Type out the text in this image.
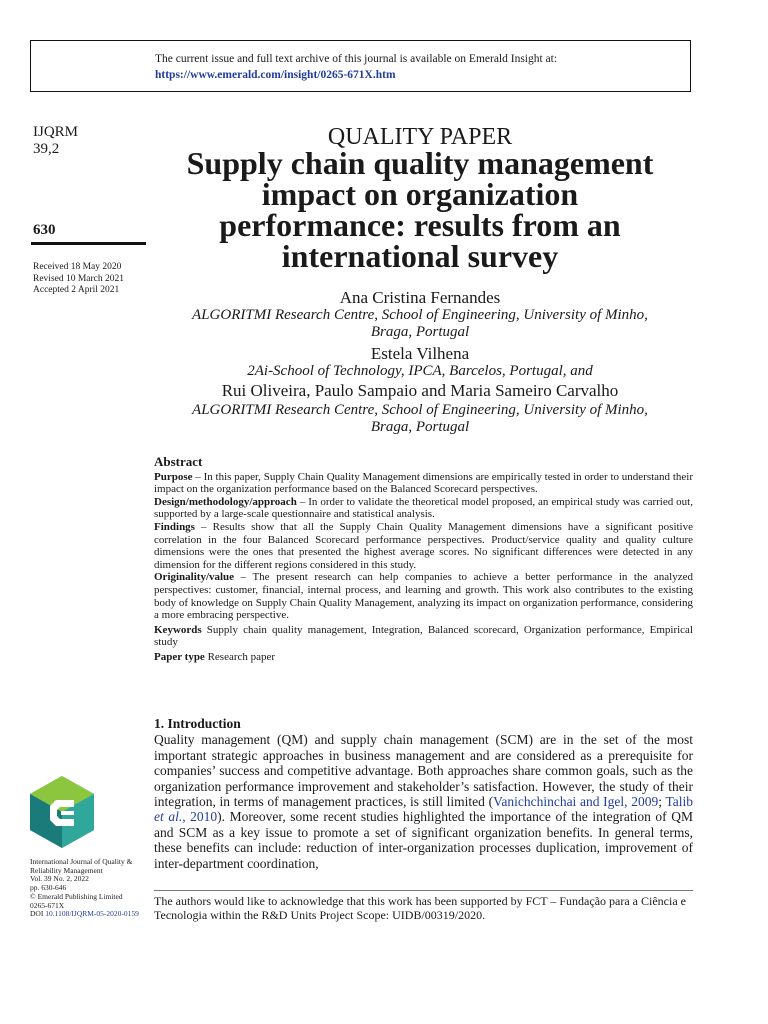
The current issue and full text archive of this journal is available on Emerald Insight at:
https://www.emerald.com/insight/0265-671X.htm
IJQRM
39,2
630
Received 18 May 2020
Revised 10 March 2021
Accepted 2 April 2021
QUALITY PAPER
Supply chain quality management
impact on organization
performance: results from an
international survey
Ana Cristina Fernandes
ALGORITMI Research Centre, School of Engineering, University of Minho,
Braga, Portugal
Estela Vilhena
2Ai-School of Technology, IPCA, Barcelos, Portugal, and
Rui Oliveira, Paulo Sampaio and Maria Sameiro Carvalho
ALGORITMI Research Centre, School of Engineering, University of Minho,
Braga, Portugal
Abstract

Purpose – In this paper, Supply Chain Quality Management dimensions are empirically tested in order to understand their impact on the organization performance based on the Balanced Scorecard perspectives.

Design/methodology/approach – In order to validate the theoretical model proposed, an empirical study was carried out, supported by a large-scale questionnaire and statistical analysis.

Findings – Results show that all the Supply Chain Quality Management dimensions have a significant positive correlation in the four Balanced Scorecard performance perspectives. Product/service quality and quality culture dimensions were the ones that presented the highest average scores. No significant differences were detected in any dimension for the different regions considered in this study.

Originality/value – The present research can help companies to achieve a better performance in the analyzed perspectives: customer, financial, internal process, and learning and growth. This work also contributes to the existing body of knowledge on Supply Chain Quality Management, analyzing its impact on organization performance, considering a more embracing perspective.

Keywords Supply chain quality management, Integration, Balanced scorecard, Organization performance, Empirical study

Paper type Research paper

1. Introduction

Quality management (QM) and supply chain management (SCM) are in the set of the most important strategic approaches in business management and are considered as a prerequisite for companies’ success and competitive advantage. Both approaches share common goals, such as the organization performance improvement and stakeholder’s satisfaction. However, the study of their integration, in terms of management practices, is still limited (Vanichchinchai and Igel, 2009; Talib et al., 2010). Moreover, some recent studies highlighted the importance of the integration of QM and SCM as a key issue to promote a set of significant organization benefits. In general terms, these benefits can include: reduction of inter-organization processes duplication, improvement of inter-department coordination,

The authors would like to acknowledge that this work has been supported by FCT – Fundação para a Ciência e Tecnologia within the R&D Units Project Scope: UIDB/00319/2020.
International Journal of Quality &
Reliability Management
Vol. 39 No. 2, 2022
pp. 630-646
© Emerald Publishing Limited
0265-671X
DOI 10.1108/IJQRM-05-2020-0159
